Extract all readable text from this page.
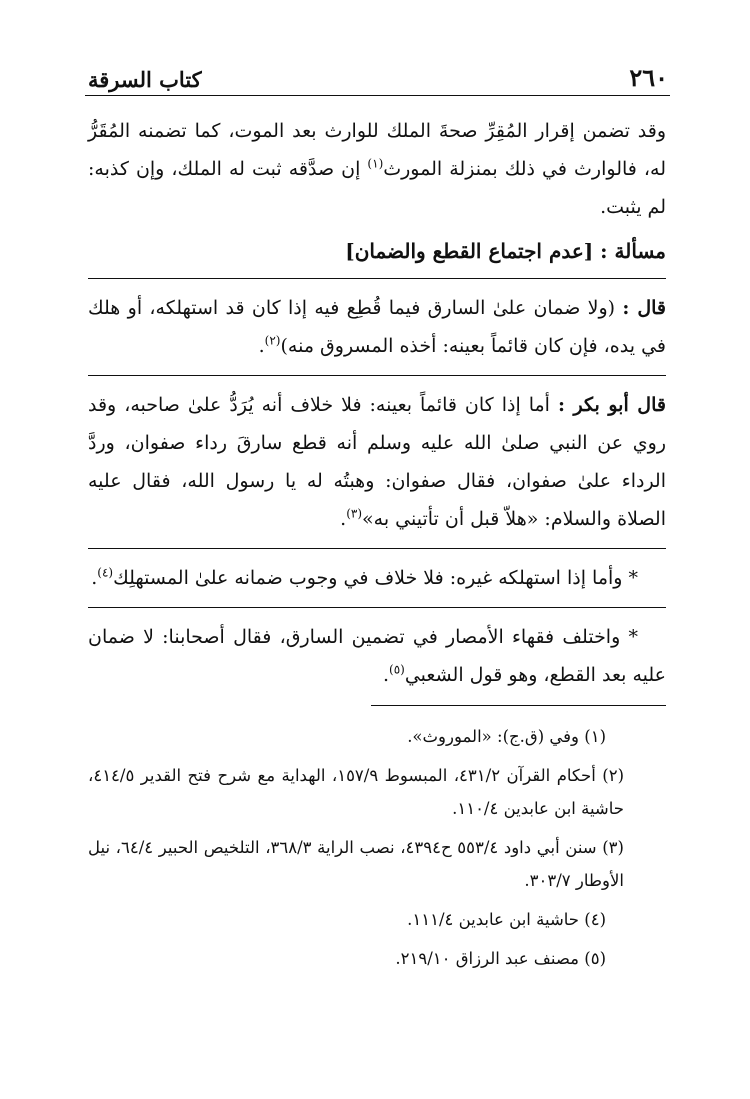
٢٦٠
كتاب السرقة

وقد تضمن إقرار المُقِرِّ صحةَ الملك للوارث بعد الموت، كما تضمنه المُقَرُّ له، فالوارث في ذلك بمنزلة المورث$^{(١)}$ إن صدَّقه ثبت له الملك، وإن كذبه: لم يثبت.

مسألة : [عدم اجتماع القطع والضمان]

قال : (ولا ضمان علىٰ السارق فيما قُطِع فيه إذا كان قد استهلكه، أو هلك في يده، فإن كان قائماً بعينه: أخذه المسروق منه)$^{(٢)}$.

قال أبو بكر : أما إذا كان قائماً بعينه: فلا خلاف أنه يُرَدُّ علىٰ صاحبه، وقد روي عن النبي صلىٰ الله عليه وسلم أنه قطع سارقَ رداء صفوان، وردَّ الرداء علىٰ صفوان، فقال صفوان: وهبتُه له يا رسول الله، فقال عليه الصلاة والسلام: «هلاّ قبل أن تأتيني به»$^{(٣)}$.

* وأما إذا استهلكه غيره: فلا خلاف في وجوب ضمانه علىٰ المستهلِك$^{(٤)}$.

* واختلف فقهاء الأمصار في تضمين السارق، فقال أصحابنا: لا ضمان عليه بعد القطع، وهو قول الشعبي$^{(٥)}$.

(١) وفي (ق.ج): «الموروث».

(٢) أحكام القرآن ٤٣١/٢، المبسوط ١٥٧/٩، الهداية مع شرح فتح القدير ٤١٤/٥، حاشية ابن عابدين ١١٠/٤.

(٣) سنن أبي داود ٥٥٣/٤ ح٤٣٩٤، نصب الراية ٣٦٨/٣، التلخيص الحبير ٦٤/٤، نيل الأوطار ٣٠٣/٧.

(٤) حاشية ابن عابدين ١١١/٤.

(٥) مصنف عبد الرزاق ٢١٩/١٠.
